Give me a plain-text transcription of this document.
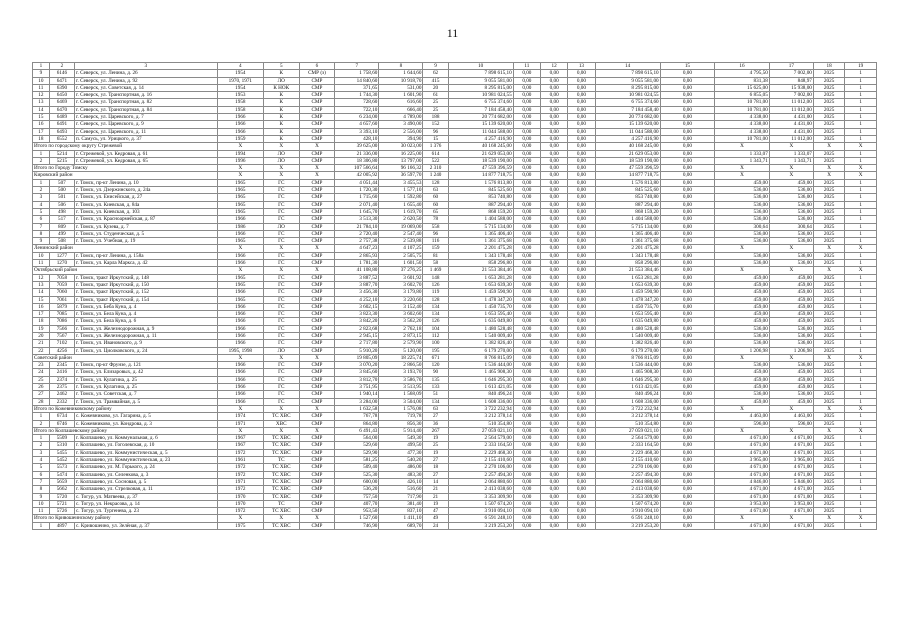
11
1	2	3	4	5	6	7	8	9	10	11	12	13	14	15	16	17	18	19
9	6146	г. Северск, ул. Ленина, д. 26	1954	К	СМР (з)	1 758,60	1 644,60	62	7 898 615,10	0,00	0,00	0,00	7 898 615,10	0,00	4 795,50	7 002,00	2025	1
10	6471	г. Северск, ул. Ленина, д. 92	1970, 1971	ЛО	СМР	14 840,60	10 918,70	415	9 055 581,00	0,00	0,00	0,00	9 055 581,00	0,00	831,38	848,97	2025	1
11	6390	г. Северск, ул. Советская, д. 14	1954	К НОК	СМР	371,65	531,00	20	8 295 815,00	0,00	0,00	0,00	8 295 815,00	0,00	15 625,00	15 938,00	2025	1
12	6450	г. Северск, ул. Транспортная, д. 16	1953	К	СМР	1 744,30	1 601,90	61	10 981 024,55	0,00	0,00	0,00	10 981 024,55	0,00	6 855,05	7 002,00	2025	1
13	6469	г. Северск, ул. Транспортная, д. 82	1958	К	СМР	728,60	616,60	25	6 755 374,60	0,00	0,00	0,00	6 755 374,60	0,00	10 781,00	11 012,00	2025	1
14	6470	г. Северск, ул. Транспортная, д. 84	1958	К	СМР	722,10	666,40	25	7 184 458,40	0,00	0,00	0,00	7 184 458,40	0,00	10 781,00	11 012,00	2025	1
15	6489	г. Северск, ул. Царевского, д. 7	1966	К	СМР	6 234,00	4 789,00	188	20 774 682,00	0,00	0,00	0,00	20 774 682,00	0,00	4 338,00	4 431,00	2025	1
16	6491	г. Северск, ул. Царевского, д. 9	1966	К	СМР	4 657,60	3 490,00	152	15 139 620,00	0,00	0,00	0,00	15 139 620,00	0,00	4 338,00	4 431,00	2025	1
17	6493	г. Северск, ул. Царевского, д. 11	1966	К	СМР	3 393,10	2 556,00	96	11 044 588,00	0,00	0,00	0,00	11 044 588,00	0,00	4 338,00	4 431,00	2025	1
18	6552	п. Самусь, ул. Урицкого, д. 37	1959	К	СМР	428,10	394,90	15	4 257 416,90	0,00	0,00	0,00	4 257 416,90	0,00	10 781,00	11 012,00	2025	1
Итого по городскому округу Стрежевой			X	X	X	39 625,00	30 023,00	1 376	40 168 245,00	0,00	0,00	0,00	40 168 245,00	0,00	X	X	X	X
1	5214	г. Стрежевой, ул. Кедровая, д. 61	1994	ЛО	СМР	21 336,00	16 225,00	614	21 629 053,00	0,00	0,00	0,00	21 629 053,00	0,00	1 333,07	1 333,07	2025	1
2	5215	г. Стрежевой, ул. Кедровая, д. 65	1996	ЛО	СМР	18 306,80	13 797,00	522	18 539 190,00	0,00	0,00	0,00	18 539 190,00	0,00	1 343,71	1 343,71	2025	1
Итого по Городу Томску			X	X	X	107 566,64	96 166,32	2 310	47 559 396,59	0,00	0,00	0,00	47 559 396,59	0,00	X	X	X	X
Кировский район			X	X	X	42 005,92	36 597,70	1 240	14 877 718,75	0,00	0,00	0,00	14 877 718,75	0,00	X	X	X	X
1	507	г. Томск, пр-кт Ленина, д. 10	1965	ГС	СМР	4 051,44	3 455,53	128	1 576 813,80	0,00	0,00	0,00	1 576 813,80	0,00	459,00	459,00	2025	1
2	500	г. Томск, ул. Дзержинского, д. 24а	1965	ГС	СМР	1 720,30	1 577,10	63	845 525,60	0,00	0,00	0,00	845 525,60	0,00	536,00	536,00	2025	1
3	501	г. Томск, ул. Енисейская, д. 27	1965	ГС	СМР	1 715,60	1 592,80	60	853 740,80	0,00	0,00	0,00	853 740,80	0,00	536,00	536,00	2025	1
4	506	г. Томск, ул. Киевская, д. 84а	1965	ГС	СМР	2 071,40	1 655,40	60	887 294,40	0,00	0,00	0,00	887 294,40	0,00	536,00	536,00	2025	1
5	498	г. Томск, ул. Киевская, д. 103	1965	ГС	СМР	1 645,70	1 619,70	65	868 159,20	0,00	0,00	0,00	868 159,20	0,00	536,00	536,00	2025	1
6	517	г. Томск, ул. Красноармейская, д. 87	1966	ГС	СМР	3 513,30	2 620,50	78	1 404 588,00	0,00	0,00	0,00	1 404 588,00	0,00	536,00	536,00	2025	1
7	809	г. Томск, ул. Кузева, д. 7	1986	ЛО	СМР	21 784,10	19 069,00	558	5 715 134,00	0,00	0,00	0,00	5 715 134,00	0,00	300,64	300,64	2025	1
8	499	г. Томск, ул. Студенческая, д. 5	1966	ГС	СМР	2 720,40	2 547,40	96	1 365 406,40	0,00	0,00	0,00	1 365 406,40	0,00	536,00	536,00	2025	1
9	508	г. Томск, ул. Учебная, д. 19	1965	ГС	СМР	2 757,38	2 539,88	116	1 361 375,68	0,00	0,00	0,00	1 361 375,68	0,00	536,00	536,00	2025	1
Ленинский район			X	X	X	4 647,23	4 107,25	159	2 201 475,28	0,00	0,00	0,00	2 201 475,28	0,00	X	X	X	X
10	1277	г. Томск, пр-кт Ленина, д. 158а	1966	ГС	СМР	2 865,93	2 505,75	81	1 343 178,48	0,00	0,00	0,00	1 343 178,48	0,00	536,00	536,00	2025	1
11	1270	г. Томск, ул. Карла Маркса, д. 42	1966	ГС	СМР	1 781,30	1 601,50	58	858 296,80	0,00	0,00	0,00	858 296,80	0,00	536,00	536,00	2025	1
Октябрьский район			X	X	X	41 108,80	37 276,25	1 469	21 553 384,46	0,00	0,00	0,00	21 553 384,46	0,00	X	X	X	X
12	7058	г. Томск, тракт Иркутский, д. 148	1965	ГС	СМР	3 887,52	3 601,92	148	1 653 281,28	0,00	0,00	0,00	1 653 281,28	0,00	459,00	459,00	2025	1
13	7059	г. Томск, тракт Иркутский, д. 150	1965	ГС	СМР	3 887,70	3 602,70	126	1 653 639,30	0,00	0,00	0,00	1 653 639,30	0,00	459,00	459,00	2025	1
14	7060	г. Томск, тракт Иркутский, д. 152	1966	ГС	СМР	3 456,30	3 179,80	119	1 459 590,90	0,00	0,00	0,00	1 459 590,90	0,00	459,00	459,00	2025	1
15	7061	г. Томск, тракт Иркутский, д. 154	1965	ГС	СМР	4 252,10	3 220,60	128	1 478 347,20	0,00	0,00	0,00	1 478 347,20	0,00	459,00	459,00	2025	1
16	5879	г. Томск, ул. Беба Куна, д. 4	1966	ГС	СМР	3 602,15	3 152,40	134	1 450 735,70	0,00	0,00	0,00	1 450 735,70	0,00	459,00	459,00	2025	1
17	7085	г. Томск, ул. Бела Куна, д. 4	1966	ГС	СМР	3 823,30	3 602,60	134	1 653 595,40	0,00	0,00	0,00	1 653 595,40	0,00	459,00	459,00	2025	1
18	7086	г. Томск, ул. Бела Куна, д. 6	1966	ГС	СМР	3 842,20	3 562,20	126	1 635 049,80	0,00	0,00	0,00	1 635 049,80	0,00	459,00	459,00	2025	1
19	7566	г. Томск, ул. Железнодорожная, д. 9	1966	ГС	СМР	2 823,68	2 762,18	104	1 480 528,48	0,00	0,00	0,00	1 480 528,48	0,00	536,00	536,00	2025	1
20	7567	г. Томск, ул. Железнодорожная, д. 11	1966	ГС	СМР	2 945,15	2 873,15	112	1 540 009,40	0,00	0,00	0,00	1 540 009,40	0,00	536,00	536,00	2025	1
21	7102	г. Томск, ул. Ивановского, д. 9	1966	ГС	СМР	2 717,80	2 579,90	100	1 382 826,40	0,00	0,00	0,00	1 382 826,40	0,00	536,00	536,00	2025	1
22	4256	г. Томск, ул. Циолковского, д. 24	1995, 1998	ЛО	СМР	5 910,20	5 120,00	195	6 179 270,00	0,00	0,00	0,00	6 179 270,00	0,00	1 206,98	1 206,98	2025	1
Советский район			X	X	X	19 805,09	18 225,74	671	8 766 815,09	0,00	0,00	0,00	8 766 815,09	0,00	X	X	X	X
23	2345	г. Томск, пр-кт Фрунзе, д. 121	1966	ГС	СМР	3 070,20	2 866,50	120	1 536 444,00	0,00	0,00	0,00	1 536 444,00	0,00	536,00	536,00	2025	1
24	2416	г. Томск, ул. Елизаровых, д. 42	1966	ГС	СМР	3 845,60	3 193,70	90	1 465 908,30	0,00	0,00	0,00	1 465 908,30	0,00	459,00	459,00	2025	1
25	2374	г. Томск, ул. Кулагина, д. 25	1966	ГС	СМР	3 812,70	3 586,70	135	1 646 295,30	0,00	0,00	0,00	1 646 295,30	0,00	459,00	459,00	2025	1
26	2375	г. Томск, ул. Кулагина, д. 25	1966	ГС	СМР	3 751,95	3 513,95	133	1 613 421,05	0,00	0,00	0,00	1 613 421,05	0,00	459,00	459,00	2025	1
27	2462	г. Томск, ул. Советская, д. 7	1966	ГС	СМР	1 940,14	1 568,09	51	840 496,24	0,00	0,00	0,00	840 496,24	0,00	536,00	536,00	2025	1
28	2332	г. Томск, ул. Трамвайная, д. 5	1966	ГС	СМР	3 284,00	3 504,00	134	1 608 336,00	0,00	0,00	0,00	1 608 336,00	0,00	459,00	459,00	2025	1
Итого по Кожевниковскому району			X	X	X	1 632,58	1 576,08	63	3 722 232,94	0,00	0,00	0,00	3 722 232,94	0,00	X	X	X	X
1	6734	с. Кожевниково, ул. Гагарина, д. 5	1974	ТС ХВС	СМР	767,78	719,78	27	3 212 378,14	0,00	0,00	0,00	3 212 378,14	0,00	4 463,00	4 463,00	2025	1
2	6746	с. Кожевниково, ул. Кондрова, д. 3	1971	ХВС	СМР	864,80	856,30	36	510 354,80	0,00	0,00	0,00	510 354,80	0,00	596,00	596,00	2025	1
Итого по Колпашевскому району			X	X	X	6 491,43	5 914,40	267	27 059 021,10	0,00	0,00	0,00	27 059 021,10	0,00	X	X	X	X
1	5509	г. Колпашево, ул. Коммунальная, д. 6	1967	ТС ХВС	СМР	564,00	549,30	19	2 564 579,00	0,00	0,00	0,00	2 564 579,00	0,00	4 671,00	4 671,00	2025	1
2	5310	г. Колпашево, ул. Гоголевская, д. 10	1967	ТС ХВС	СМР	529,60	499,50	25	2 333 164,50	0,00	0,00	0,00	2 333 164,50	0,00	4 671,00	4 671,00	2025	1
3	5455	г. Колпашево, ул. Коммунистическая, д. 5	1972	ТС ХВС	СМР	529,90	477,30	19	2 229 468,30	0,00	0,00	0,00	2 229 468,30	0,00	4 671,00	4 671,00	2025	1
4	5452	г. Колпашево, ул. Коммунистическая, д. 23	1961	ТС	СМР	581,25	540,20	27	2 155 410,60	0,00	0,00	0,00	2 155 410,60	0,00	3 965,00	3 965,00	2025	1
5	5573	г. Колпашево, ул. М. Горького, д. 24	1972	ТС ХВС	СМР	509,40	486,00	18	2 270 106,00	0,00	0,00	0,00	2 270 106,00	0,00	4 671,00	4 671,00	2025	1
6	5474	г. Колпашево, ул. Селенкова, д. 3	1972	ТС ХВС	СМР	525,30	483,30	27	2 257 494,30	0,00	0,00	0,00	2 257 494,30	0,00	4 671,00	4 671,00	2025	1
7	5659	г. Колпашево, ул. Сосновая, д. 5	1971	ТС ХВС	СМР	600,00	426,10	14	2 064 880,60	0,00	0,00	0,00	2 064 880,60	0,00	4 846,00	5 846,00	2025	1
8	5662	г. Колпашево, ул. Стрелковая, д. 11	1972	ТС ХВС	СМР	536,20	516,60	21	2 413 038,60	0,00	0,00	0,00	2 413 038,60	0,00	4 671,00	4 671,00	2025	1
9	5720	с. Тогур, ул. Матвеева, д. 37	1970	ТС ХВС	СМР	757,50	717,90	21	3 353 309,90	0,00	0,00	0,00	3 353 309,90	0,00	4 671,00	4 671,00	2025	1
10	5721	с. Тогур, ул. Некрасова, д. 14	1970	ТС	СМР	407,70	381,40	19	1 507 674,20	0,00	0,00	0,00	1 507 674,20	0,00	3 953,00	3 953,00	2025	1
11	5726	с. Тогур, ул. Тургенева, д. 23	1972	ТС ХВС	СМР	953,50	837,10	47	3 910 094,10	0,00	0,00	0,00	3 910 094,10	0,00	4 671,00	4 671,00	2025	1
Итого по Кривошеинскому району			X	X	X	1 527,60	1 411,10	49	6 591 248,10	0,00	0,00	0,00	6 591 248,10	0,00	X	X	X	X
1	4897	с. Кривошеино, ул. Зелёная, д. 37	1975	ТС ХВС	СМР	746,90	689,70	24	3 219 253,20	0,00	0,00	0,00	3 219 253,20	0,00	4 671,00	4 671,00	2025	1
